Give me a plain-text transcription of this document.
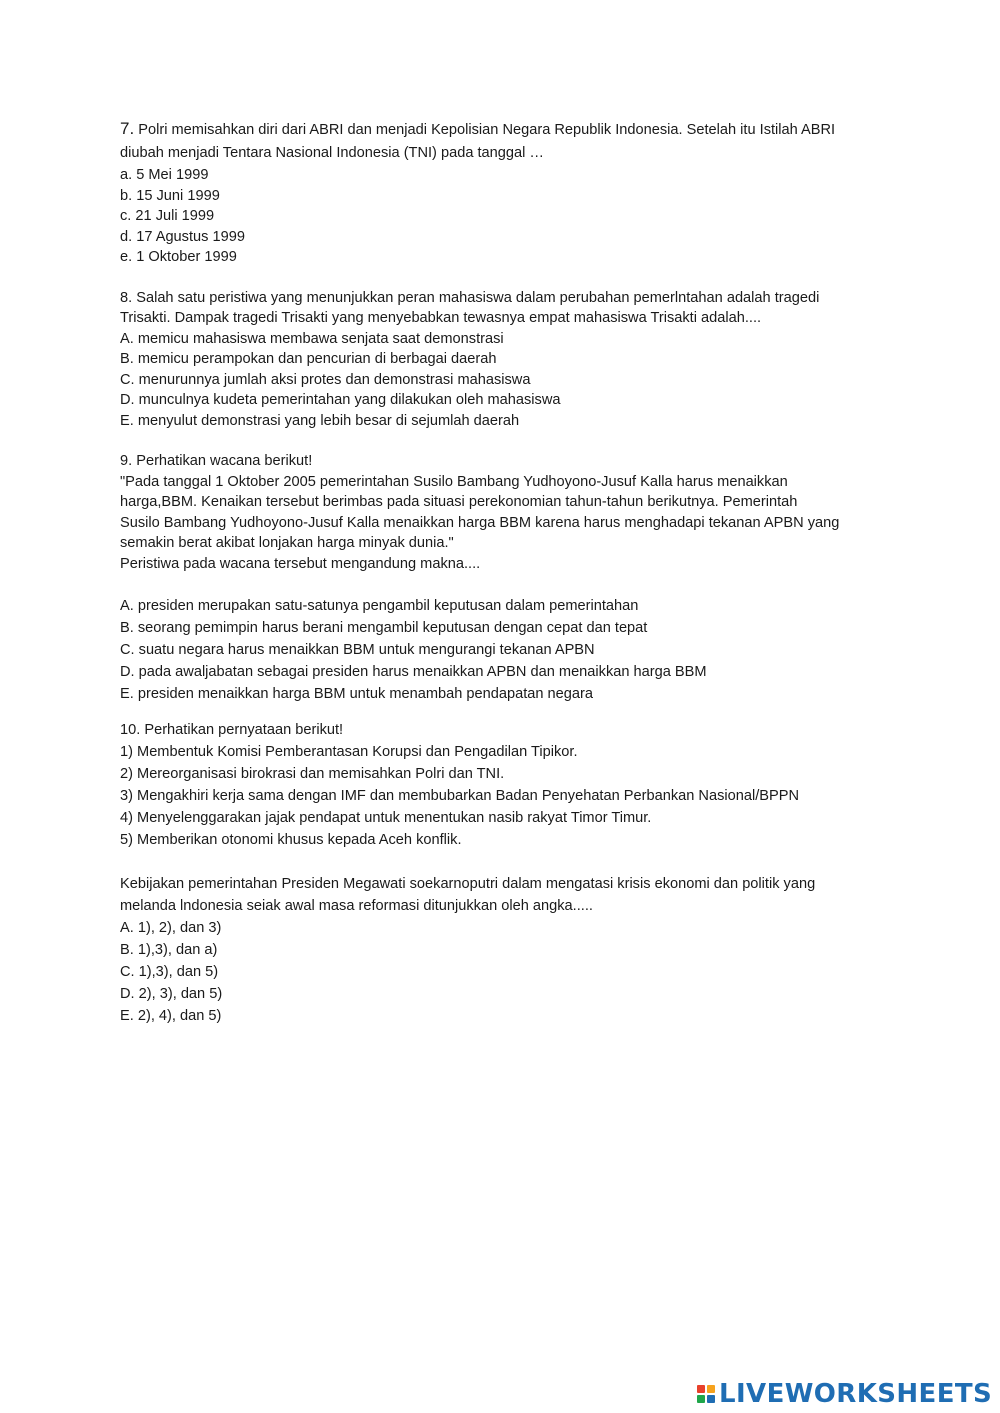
7. Polri memisahkan diri dari ABRI dan menjadi Kepolisian Negara Republik Indonesia. Setelah itu Istilah ABRI
diubah menjadi Tentara Nasional Indonesia (TNI) pada tanggal …
a. 5 Mei 1999
b. 15 Juni 1999
c. 21 Juli 1999
d. 17 Agustus 1999
e. 1 Oktober 1999
8. Salah satu peristiwa yang menunjukkan peran mahasiswa dalam perubahan pemerlntahan adalah tragedi
Trisakti. Dampak tragedi Trisakti yang menyebabkan tewasnya empat mahasiswa Trisakti adalah....
A. memicu mahasiswa membawa senjata saat demonstrasi
B. memicu perampokan dan pencurian di berbagai daerah
C. menurunnya jumlah aksi protes dan demonstrasi mahasiswa
D. munculnya kudeta pemerintahan yang dilakukan oleh mahasiswa
E. menyulut demonstrasi yang lebih besar di sejumlah daerah
9. Perhatikan wacana berikut!
"Pada tanggal 1 Oktober 2005 pemerintahan Susilo Bambang Yudhoyono-Jusuf Kalla harus menaikkan
harga,BBM. Kenaikan tersebut berimbas pada situasi perekonomian tahun-tahun berikutnya. Pemerintah
Susilo Bambang Yudhoyono-Jusuf Kalla menaikkan harga BBM karena harus menghadapi tekanan APBN yang
semakin berat akibat lonjakan harga minyak dunia."
Peristiwa pada wacana tersebut mengandung makna....
A. presiden merupakan satu-satunya pengambil keputusan dalam pemerintahan
B. seorang pemimpin harus berani mengambil keputusan dengan cepat dan tepat
C. suatu negara harus menaikkan BBM untuk mengurangi tekanan APBN
D. pada awaljabatan sebagai presiden harus menaikkan APBN dan menaikkan harga BBM
E. presiden menaikkan harga BBM untuk menambah pendapatan negara
10. Perhatikan pernyataan berikut!
1) Membentuk Komisi Pemberantasan Korupsi dan Pengadilan Tipikor.
2) Mereorganisasi birokrasi dan memisahkan Polri dan TNI.
3) Mengakhiri kerja sama dengan IMF dan membubarkan Badan Penyehatan Perbankan Nasional/BPPN
4) Menyelenggarakan jajak pendapat untuk menentukan nasib rakyat Timor Timur.
5) Memberikan otonomi khusus kepada Aceh konflik.
Kebijakan pemerintahan Presiden Megawati soekarnoputri dalam mengatasi krisis ekonomi dan politik yang
melanda lndonesia seiak awal masa reformasi ditunjukkan oleh angka.....
A. 1), 2), dan 3)
B. 1),3), dan a)
C. 1),3), dan 5)
D. 2), 3), dan 5)
E. 2), 4), dan 5)
LIVEWORKSHEETS
